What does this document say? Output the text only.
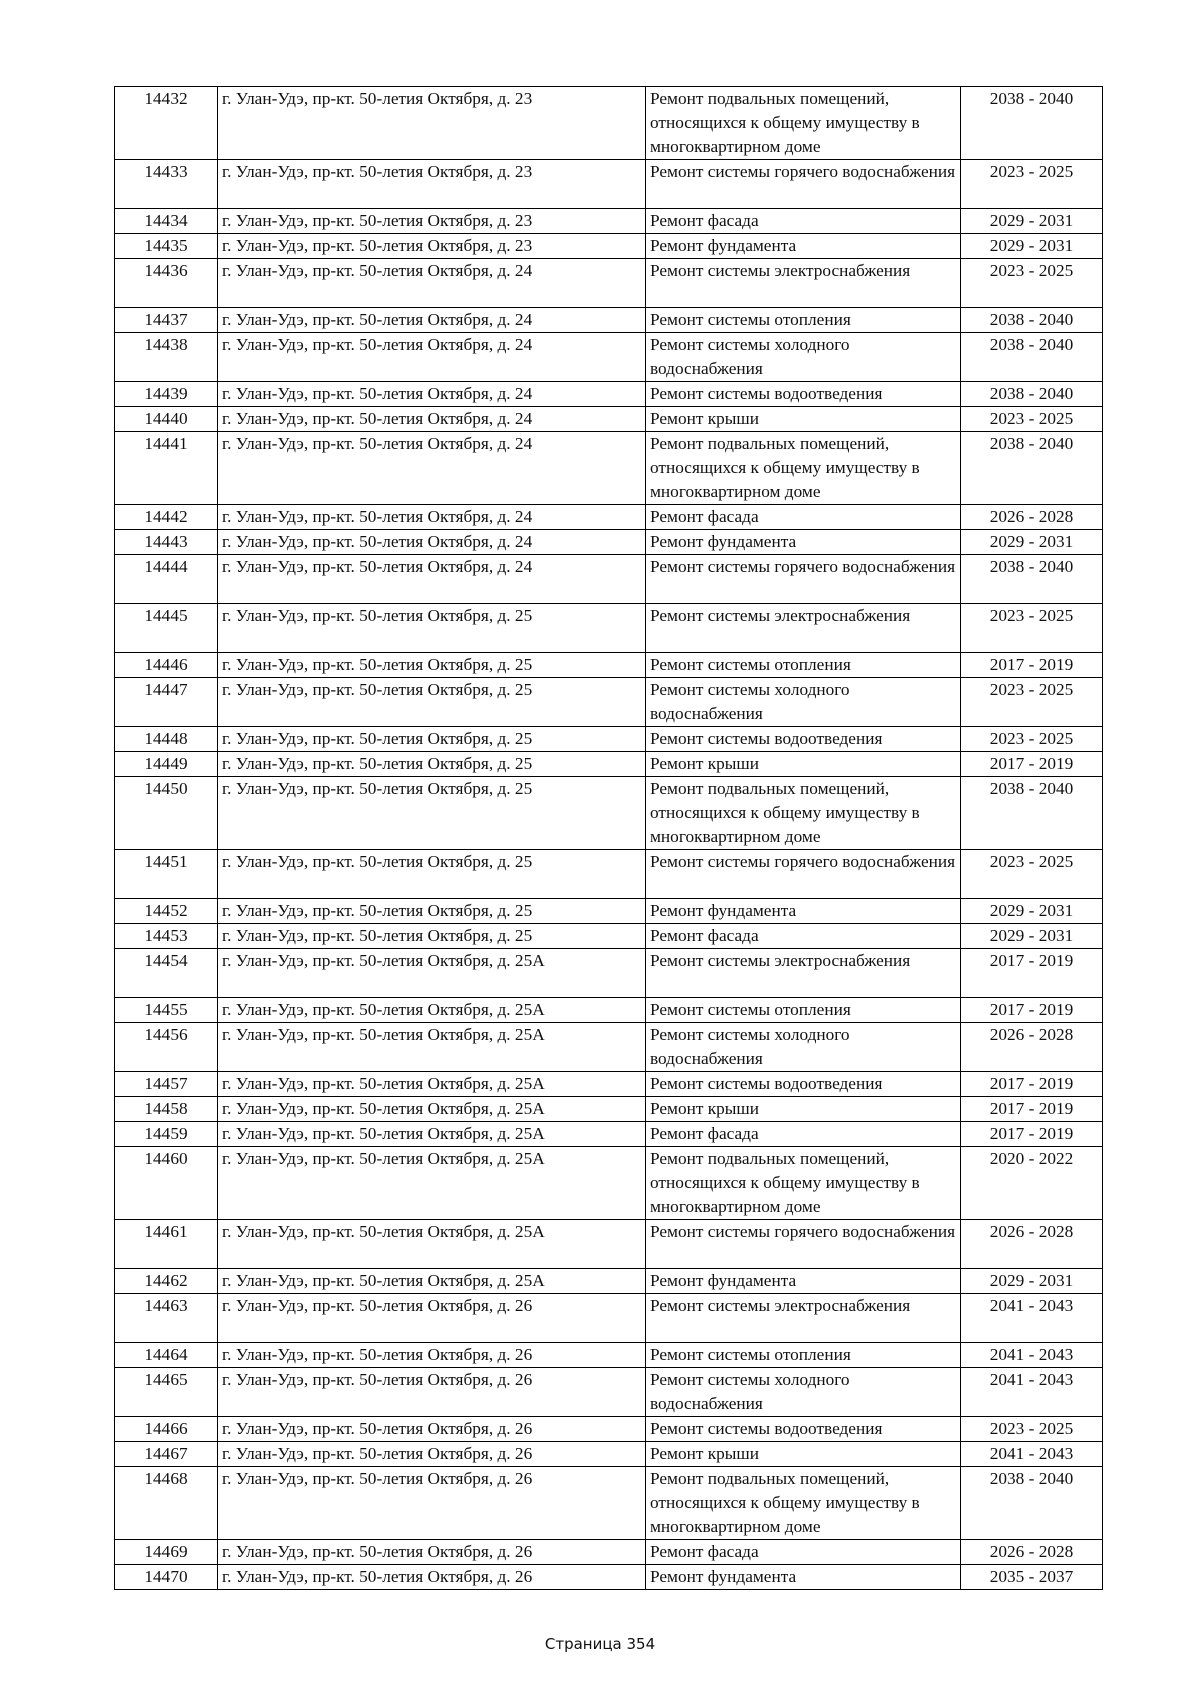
14432	г. Улан-Удэ, пр-кт. 50-летия Октября, д. 23	Ремонт подвальных помещений, относящихся к общему имуществу в многоквартирном доме	2038 - 2040
14433	г. Улан-Удэ, пр-кт. 50-летия Октября, д. 23	Ремонт системы горячего водоснабжения	2023 - 2025
14434	г. Улан-Удэ, пр-кт. 50-летия Октября, д. 23	Ремонт фасада	2029 - 2031
14435	г. Улан-Удэ, пр-кт. 50-летия Октября, д. 23	Ремонт фундамента	2029 - 2031
14436	г. Улан-Удэ, пр-кт. 50-летия Октября, д. 24	Ремонт системы электроснабжения	2023 - 2025
14437	г. Улан-Удэ, пр-кт. 50-летия Октября, д. 24	Ремонт системы отопления	2038 - 2040
14438	г. Улан-Удэ, пр-кт. 50-летия Октября, д. 24	Ремонт системы холодного водоснабжения	2038 - 2040
14439	г. Улан-Удэ, пр-кт. 50-летия Октября, д. 24	Ремонт системы водоотведения	2038 - 2040
14440	г. Улан-Удэ, пр-кт. 50-летия Октября, д. 24	Ремонт крыши	2023 - 2025
14441	г. Улан-Удэ, пр-кт. 50-летия Октября, д. 24	Ремонт подвальных помещений, относящихся к общему имуществу в многоквартирном доме	2038 - 2040
14442	г. Улан-Удэ, пр-кт. 50-летия Октября, д. 24	Ремонт фасада	2026 - 2028
14443	г. Улан-Удэ, пр-кт. 50-летия Октября, д. 24	Ремонт фундамента	2029 - 2031
14444	г. Улан-Удэ, пр-кт. 50-летия Октября, д. 24	Ремонт системы горячего водоснабжения	2038 - 2040
14445	г. Улан-Удэ, пр-кт. 50-летия Октября, д. 25	Ремонт системы электроснабжения	2023 - 2025
14446	г. Улан-Удэ, пр-кт. 50-летия Октября, д. 25	Ремонт системы отопления	2017 - 2019
14447	г. Улан-Удэ, пр-кт. 50-летия Октября, д. 25	Ремонт системы холодного водоснабжения	2023 - 2025
14448	г. Улан-Удэ, пр-кт. 50-летия Октября, д. 25	Ремонт системы водоотведения	2023 - 2025
14449	г. Улан-Удэ, пр-кт. 50-летия Октября, д. 25	Ремонт крыши	2017 - 2019
14450	г. Улан-Удэ, пр-кт. 50-летия Октября, д. 25	Ремонт подвальных помещений, относящихся к общему имуществу в многоквартирном доме	2038 - 2040
14451	г. Улан-Удэ, пр-кт. 50-летия Октября, д. 25	Ремонт системы горячего водоснабжения	2023 - 2025
14452	г. Улан-Удэ, пр-кт. 50-летия Октября, д. 25	Ремонт фундамента	2029 - 2031
14453	г. Улан-Удэ, пр-кт. 50-летия Октября, д. 25	Ремонт фасада	2029 - 2031
14454	г. Улан-Удэ, пр-кт. 50-летия Октября, д. 25А	Ремонт системы электроснабжения	2017 - 2019
14455	г. Улан-Удэ, пр-кт. 50-летия Октября, д. 25А	Ремонт системы отопления	2017 - 2019
14456	г. Улан-Удэ, пр-кт. 50-летия Октября, д. 25А	Ремонт системы холодного водоснабжения	2026 - 2028
14457	г. Улан-Удэ, пр-кт. 50-летия Октября, д. 25А	Ремонт системы водоотведения	2017 - 2019
14458	г. Улан-Удэ, пр-кт. 50-летия Октября, д. 25А	Ремонт крыши	2017 - 2019
14459	г. Улан-Удэ, пр-кт. 50-летия Октября, д. 25А	Ремонт фасада	2017 - 2019
14460	г. Улан-Удэ, пр-кт. 50-летия Октября, д. 25А	Ремонт подвальных помещений, относящихся к общему имуществу в многоквартирном доме	2020 - 2022
14461	г. Улан-Удэ, пр-кт. 50-летия Октября, д. 25А	Ремонт системы горячего водоснабжения	2026 - 2028
14462	г. Улан-Удэ, пр-кт. 50-летия Октября, д. 25А	Ремонт фундамента	2029 - 2031
14463	г. Улан-Удэ, пр-кт. 50-летия Октября, д. 26	Ремонт системы электроснабжения	2041 - 2043
14464	г. Улан-Удэ, пр-кт. 50-летия Октября, д. 26	Ремонт системы отопления	2041 - 2043
14465	г. Улан-Удэ, пр-кт. 50-летия Октября, д. 26	Ремонт системы холодного водоснабжения	2041 - 2043
14466	г. Улан-Удэ, пр-кт. 50-летия Октября, д. 26	Ремонт системы водоотведения	2023 - 2025
14467	г. Улан-Удэ, пр-кт. 50-летия Октября, д. 26	Ремонт крыши	2041 - 2043
14468	г. Улан-Удэ, пр-кт. 50-летия Октября, д. 26	Ремонт подвальных помещений, относящихся к общему имуществу в многоквартирном доме	2038 - 2040
14469	г. Улан-Удэ, пр-кт. 50-летия Октября, д. 26	Ремонт фасада	2026 - 2028
14470	г. Улан-Удэ, пр-кт. 50-летия Октября, д. 26	Ремонт фундамента	2035 - 2037
Страница 354
